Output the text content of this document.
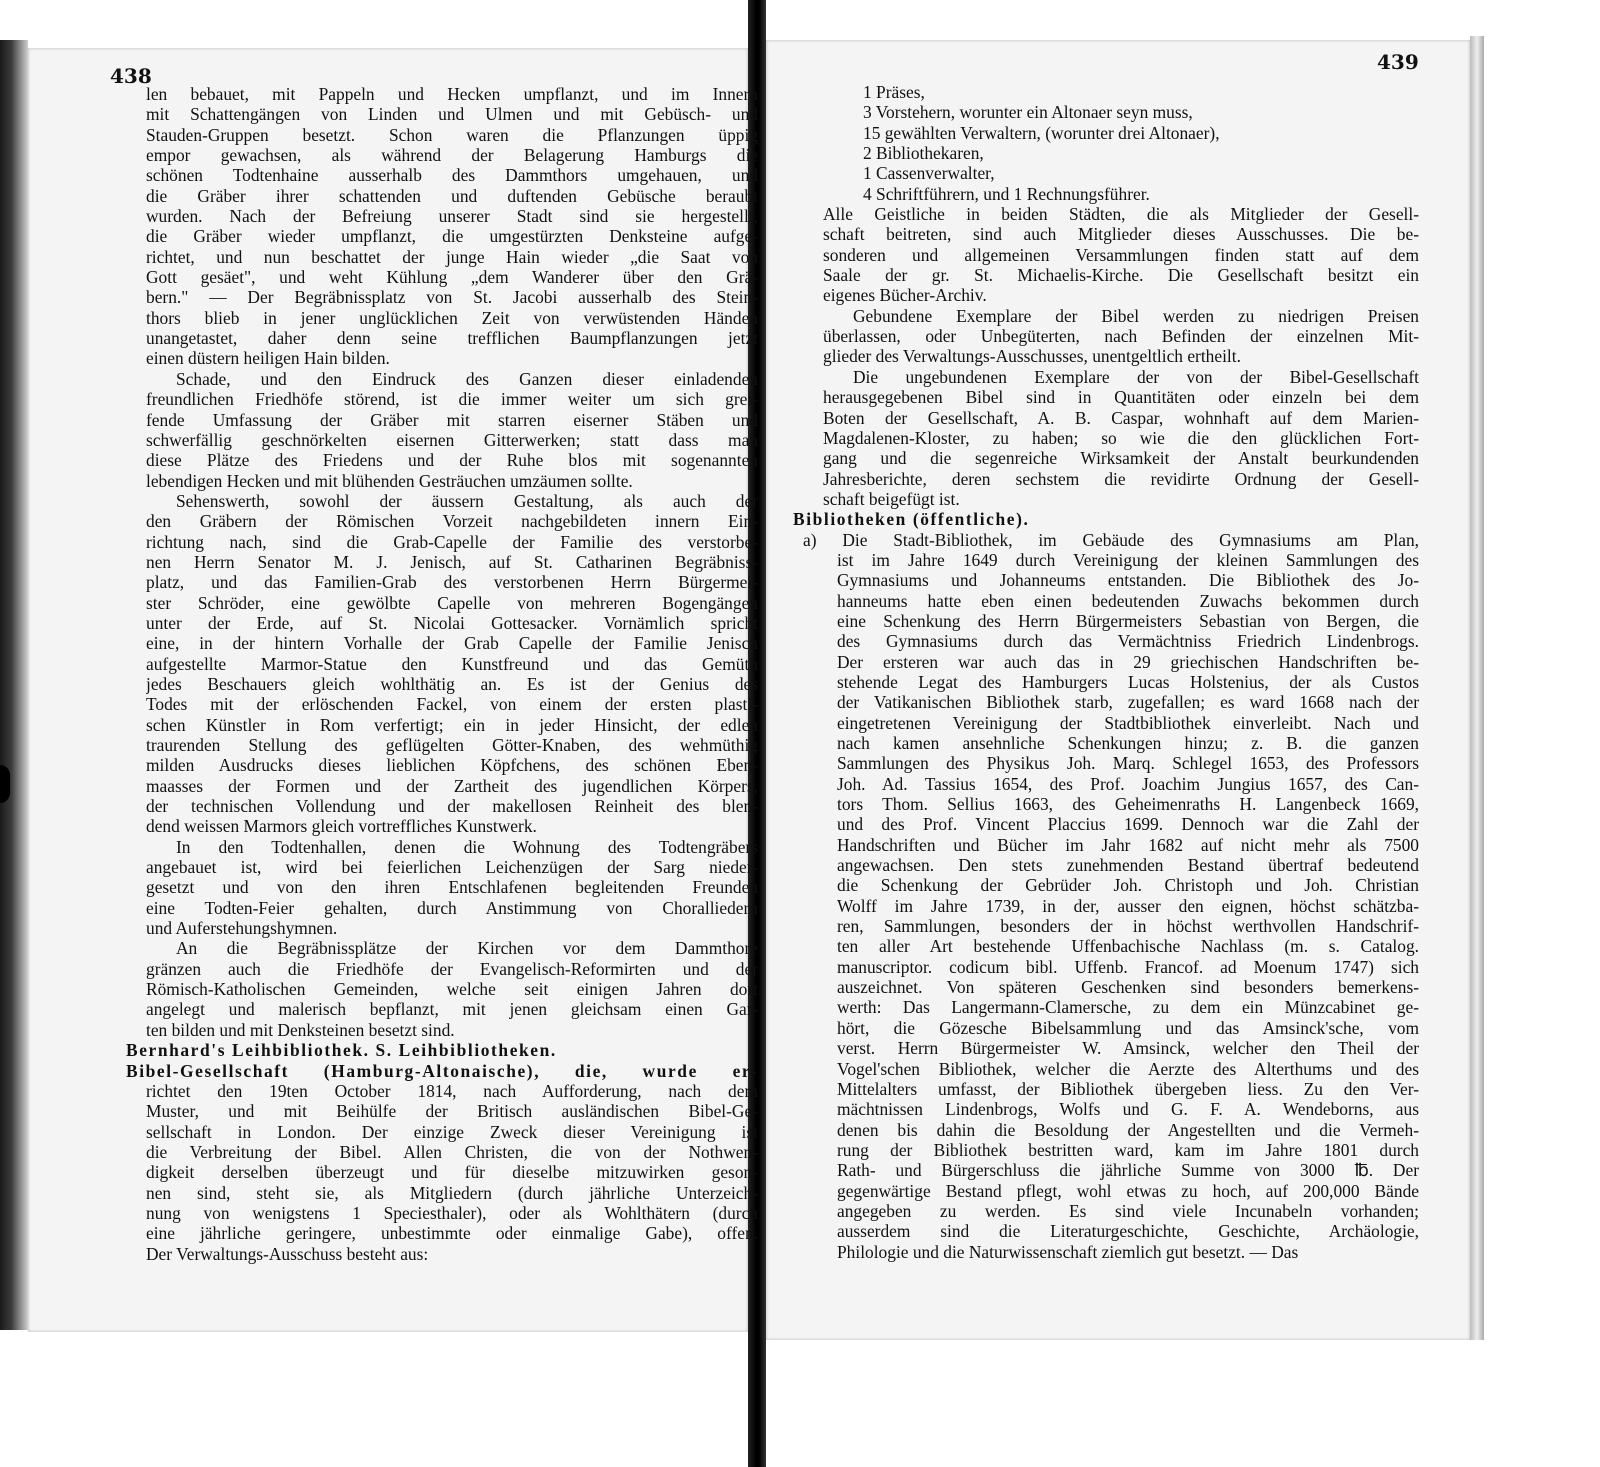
438
439
len bebauet, mit Pappeln und Hecken umpflanzt, und im Innern
mit Schattengängen von Linden und Ulmen und mit Gebüsch- und
Stauden-Gruppen besetzt. Schon waren die Pflanzungen üppig
empor gewachsen, als während der Belagerung Hamburgs die
schönen Todtenhaine ausserhalb des Dammthors umgehauen, und
die Gräber ihrer schattenden und duftenden Gebüsche beraubt
wurden. Nach der Befreiung unserer Stadt sind sie hergestellt,
die Gräber wieder umpflanzt, die umgestürzten Denksteine aufge-
richtet, und nun beschattet der junge Hain wieder „die Saat von
Gott gesäet", und weht Kühlung „dem Wanderer über den Grä-
bern." — Der Begräbnissplatz von St. Jacobi ausserhalb des Stein-
thors blieb in jener unglücklichen Zeit von verwüstenden Händen
unangetastet, daher denn seine trefflichen Baumpflanzungen jetzt
einen düstern heiligen Hain bilden.
Schade, und den Eindruck des Ganzen dieser einladenden
freundlichen Friedhöfe störend, ist die immer weiter um sich grei-
fende Umfassung der Gräber mit starren eiserner Stäben und
schwerfällig geschnörkelten eisernen Gitterwerken; statt dass man
diese Plätze des Friedens und der Ruhe blos mit sogenannten
lebendigen Hecken und mit blühenden Gesträuchen umzäumen sollte.
Sehenswerth, sowohl der äussern Gestaltung, als auch der
den Gräbern der Römischen Vorzeit nachgebildeten innern Ein-
richtung nach, sind die Grab-Capelle der Familie des verstorbe-
nen Herrn Senator M. J. Jenisch, auf St. Catharinen Begräbniss-
platz, und das Familien-Grab des verstorbenen Herrn Bürgermei-
ster Schröder, eine gewölbte Capelle von mehreren Bogengängen
unter der Erde, auf St. Nicolai Gottesacker. Vornämlich spricht
eine, in der hintern Vorhalle der Grab Capelle der Familie Jenisch
aufgestellte Marmor-Statue den Kunstfreund und das Gemüth
jedes Beschauers gleich wohlthätig an. Es ist der Genius des
Todes mit der erlöschenden Fackel, von einem der ersten plasti-
schen Künstler in Rom verfertigt; ein in jeder Hinsicht, der edlen
traurenden Stellung des geflügelten Götter-Knaben, des wehmüthig
milden Ausdrucks dieses lieblichen Köpfchens, des schönen Eben-
maasses der Formen und der Zartheit des jugendlichen Körpers,
der technischen Vollendung und der makellosen Reinheit des blen-
dend weissen Marmors gleich vortreffliches Kunstwerk.
In den Todtenhallen, denen die Wohnung des Todtengräbers
angebauet ist, wird bei feierlichen Leichenzügen der Sarg nieder-
gesetzt und von den ihren Entschlafenen begleitenden Freunden
eine Todten-Feier gehalten, durch Anstimmung von Choralliedern
und Auferstehungshymnen.
An die Begräbnissplätze der Kirchen vor dem Dammthore
gränzen auch die Friedhöfe der Evangelisch-Reformirten und der
Römisch-Katholischen Gemeinden, welche seit einigen Jahren dort
angelegt und malerisch bepflanzt, mit jenen gleichsam einen Gar-
ten bilden und mit Denksteinen besetzt sind.
Bernhard's Leihbibliothek. S. Leihbibliotheken.
Bibel-Gesellschaft (Hamburg-Altonaische), die, wurde er-
richtet den 19ten October 1814, nach Aufforderung, nach dem
Muster, und mit Beihülfe der Britisch ausländischen Bibel-Ge-
sellschaft in London. Der einzige Zweck dieser Vereinigung ist
die Verbreitung der Bibel. Allen Christen, die von der Nothwen-
digkeit derselben überzeugt und für dieselbe mitzuwirken geson-
nen sind, steht sie, als Mitgliedern (durch jährliche Unterzeich-
nung von wenigstens 1 Speciesthaler), oder als Wohlthätern (durch
eine jährliche geringere, unbestimmte oder einmalige Gabe), offen.
Der Verwaltungs-Ausschuss besteht aus:
1 Präses,
3 Vorstehern, worunter ein Altonaer seyn muss,
15 gewählten Verwaltern, (worunter drei Altonaer),
2 Bibliothekaren,
1 Cassenverwalter,
4 Schriftführern, und 1 Rechnungsführer.
Alle Geistliche in beiden Städten, die als Mitglieder der Gesell-
schaft beitreten, sind auch Mitglieder dieses Ausschusses. Die be-
sonderen und allgemeinen Versammlungen finden statt auf dem
Saale der gr. St. Michaelis-Kirche. Die Gesellschaft besitzt ein
eigenes Bücher-Archiv.
Gebundene Exemplare der Bibel werden zu niedrigen Preisen
überlassen, oder Unbegüterten, nach Befinden der einzelnen Mit-
glieder des Verwaltungs-Ausschusses, unentgeltlich ertheilt.
Die ungebundenen Exemplare der von der Bibel-Gesellschaft
herausgegebenen Bibel sind in Quantitäten oder einzeln bei dem
Boten der Gesellschaft, A. B. Caspar, wohnhaft auf dem Marien-
Magdalenen-Kloster, zu haben; so wie die den glücklichen Fort-
gang und die segenreiche Wirksamkeit der Anstalt beurkundenden
Jahresberichte, deren sechstem die revidirte Ordnung der Gesell-
schaft beigefügt ist.
Bibliotheken (öffentliche).
a) Die Stadt-Bibliothek, im Gebäude des Gymnasiums am Plan,
ist im Jahre 1649 durch Vereinigung der kleinen Sammlungen des
Gymnasiums und Johanneums entstanden. Die Bibliothek des Jo-
hanneums hatte eben einen bedeutenden Zuwachs bekommen durch
eine Schenkung des Herrn Bürgermeisters Sebastian von Bergen, die
des Gymnasiums durch das Vermächtniss Friedrich Lindenbrogs.
Der ersteren war auch das in 29 griechischen Handschriften be-
stehende Legat des Hamburgers Lucas Holstenius, der als Custos
der Vatikanischen Bibliothek starb, zugefallen; es ward 1668 nach der
eingetretenen Vereinigung der Stadtbibliothek einverleibt. Nach und
nach kamen ansehnliche Schenkungen hinzu; z. B. die ganzen
Sammlungen des Physikus Joh. Marq. Schlegel 1653, des Professors
Joh. Ad. Tassius 1654, des Prof. Joachim Jungius 1657, des Can-
tors Thom. Sellius 1663, des Geheimenraths H. Langenbeck 1669,
und des Prof. Vincent Placcius 1699. Dennoch war die Zahl der
Handschriften und Bücher im Jahr 1682 auf nicht mehr als 7500
angewachsen. Den stets zunehmenden Bestand übertraf bedeutend
die Schenkung der Gebrüder Joh. Christoph und Joh. Christian
Wolff im Jahre 1739, in der, ausser den eignen, höchst schätzba-
ren, Sammlungen, besonders der in höchst werthvollen Handschrif-
ten aller Art bestehende Uffenbachische Nachlass (m. s. Catalog.
manuscriptor. codicum bibl. Uffenb. Francof. ad Moenum 1747) sich
auszeichnet. Von späteren Geschenken sind besonders bemerkens-
werth: Das Langermann-Clamersche, zu dem ein Münzcabinet ge-
hört, die Gözesche Bibelsammlung und das Amsinck'sche, vom
verst. Herrn Bürgermeister W. Amsinck, welcher den Theil der
Vogel'schen Bibliothek, welcher die Aerzte des Alterthums und des
Mittelalters umfasst, der Bibliothek übergeben liess. Zu den Ver-
mächtnissen Lindenbrogs, Wolfs und G. F. A. Wendeborns, aus
denen bis dahin die Besoldung der Angestellten und die Vermeh-
rung der Bibliothek bestritten ward, kam im Jahre 1801 durch
Rath- und Bürgerschluss die jährliche Summe von 3000 ℔. Der
gegenwärtige Bestand pflegt, wohl etwas zu hoch, auf 200,000 Bände
angegeben zu werden. Es sind viele Incunabeln vorhanden;
ausserdem sind die Literaturgeschichte, Geschichte, Archäologie,
Philologie und die Naturwissenschaft ziemlich gut besetzt. — Das
